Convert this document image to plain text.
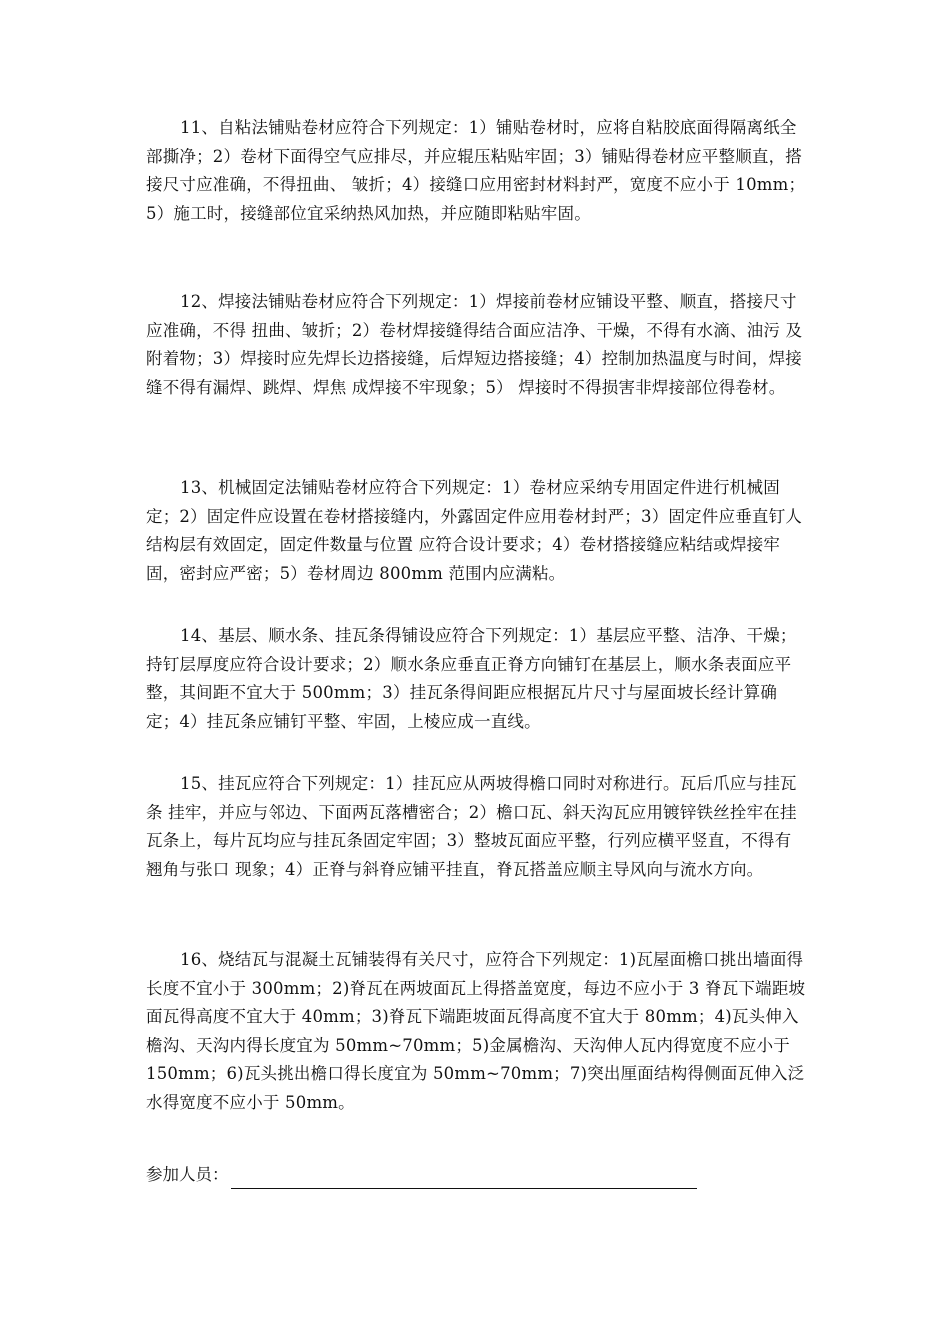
11、自粘法铺贴卷材应符合下列规定：1）铺贴卷材时，应将自粘胶底面得隔离纸全部撕净；2）卷材下面得空气应排尽，并应辊压粘贴牢固；3）铺贴得卷材应平整顺直，搭接尺寸应准确，不得扭曲、 皱折；4）接缝口应用密封材料封严，宽度不应小于 10mm；5）施工时，接缝部位宜采纳热风加热，并应随即粘贴牢固。

12、焊接法铺贴卷材应符合下列规定：1）焊接前卷材应铺设平整、顺直，搭接尺寸应准确，不得 扭曲、皱折；2）卷材焊接缝得结合面应洁净、干燥，不得有水滴、油污 及附着物；3）焊接时应先焊长边搭接缝，后焊短边搭接缝；4）控制加热温度与时间，焊接缝不得有漏焊、跳焊、焊焦 成焊接不牢现象；5） 焊接时不得损害非焊接部位得卷材。

13、机械固定法铺贴卷材应符合下列规定：1）卷材应采纳专用固定件进行机械固定；2）固定件应设置在卷材搭接缝内，外露固定件应用卷材封严；3）固定件应垂直钉人结构层有效固定，固定件数量与位置 应符合设计要求；4）卷材搭接缝应粘结或焊接牢固，密封应严密；5）卷材周边 800mm 范围内应满粘。

14、基层、顺水条、挂瓦条得铺设应符合下列规定：1）基层应平整、洁净、干燥；持钉层厚度应符合设计要求；2）顺水条应垂直正脊方向铺钉在基层上，顺水条表面应平整，其间距不宜大于 500mm；3）挂瓦条得间距应根据瓦片尺寸与屋面坡长经计算确定；4）挂瓦条应铺钉平整、牢固，上棱应成一直线。

15、挂瓦应符合下列规定：1）挂瓦应从两坡得檐口同时对称进行。瓦后爪应与挂瓦条 挂牢，并应与邻边、下面两瓦落槽密合；2）檐口瓦、斜天沟瓦应用镀锌铁丝拴牢在挂瓦条上，每片瓦均应与挂瓦条固定牢固；3）整坡瓦面应平整，行列应横平竖直，不得有翘角与张口 现象；4）正脊与斜脊应铺平挂直，脊瓦搭盖应顺主导风向与流水方向。

16、烧结瓦与混凝土瓦铺装得有关尺寸，应符合下列规定：1)瓦屋面檐口挑出墙面得长度不宜小于 300mm；2)脊瓦在两坡面瓦上得搭盖宽度，每边不应小于 3 脊瓦下端距坡面瓦得高度不宜大于 40mm；3)脊瓦下端距坡面瓦得高度不宜大于 80mm；4)瓦头伸入檐沟、天沟内得长度宜为 50mm~70mm；5)金属檐沟、天沟伸人瓦内得宽度不应小于 150mm；6)瓦头挑出檐口得长度宜为 50mm~70mm；7)突出厘面结构得侧面瓦伸入泛水得宽度不应小于 50mm。

参加人员：
